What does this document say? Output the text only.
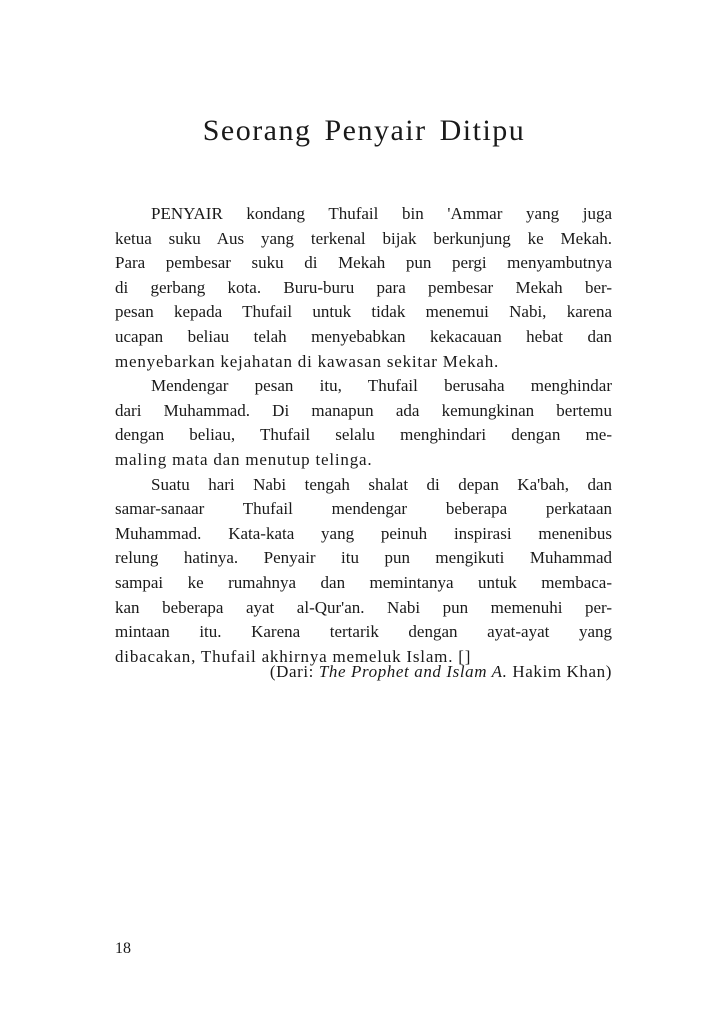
Seorang Penyair Ditipu
PENYAIR kondang Thufail bin 'Ammar yang juga
ketua suku Aus yang terkenal bijak berkunjung ke Mekah.
Para pembesar suku di Mekah pun pergi menyambutnya
di gerbang kota. Buru-buru para pembesar Mekah ber-
pesan kepada Thufail untuk tidak menemui Nabi, karena
ucapan beliau telah menyebabkan kekacauan hebat dan
menyebarkan kejahatan di kawasan sekitar Mekah.
Mendengar pesan itu, Thufail berusaha menghindar
dari Muhammad. Di manapun ada kemungkinan bertemu
dengan beliau, Thufail selalu menghindari dengan me-
maling mata dan menutup telinga.
Suatu hari Nabi tengah shalat di depan Ka'bah, dan
samar-sanaar Thufail mendengar beberapa perkataan
Muhammad. Kata-kata yang peinuh inspirasi menenibus
relung hatinya. Penyair itu pun mengikuti Muhammad
sampai ke rumahnya dan memintanya untuk membaca-
kan beberapa ayat al-Qur'an. Nabi pun memenuhi per-
mintaan itu. Karena tertarik dengan ayat-ayat yang
dibacakan, Thufail akhirnya memeluk Islam. []
(Dari: The Prophet and Islam A. Hakim Khan)
18
